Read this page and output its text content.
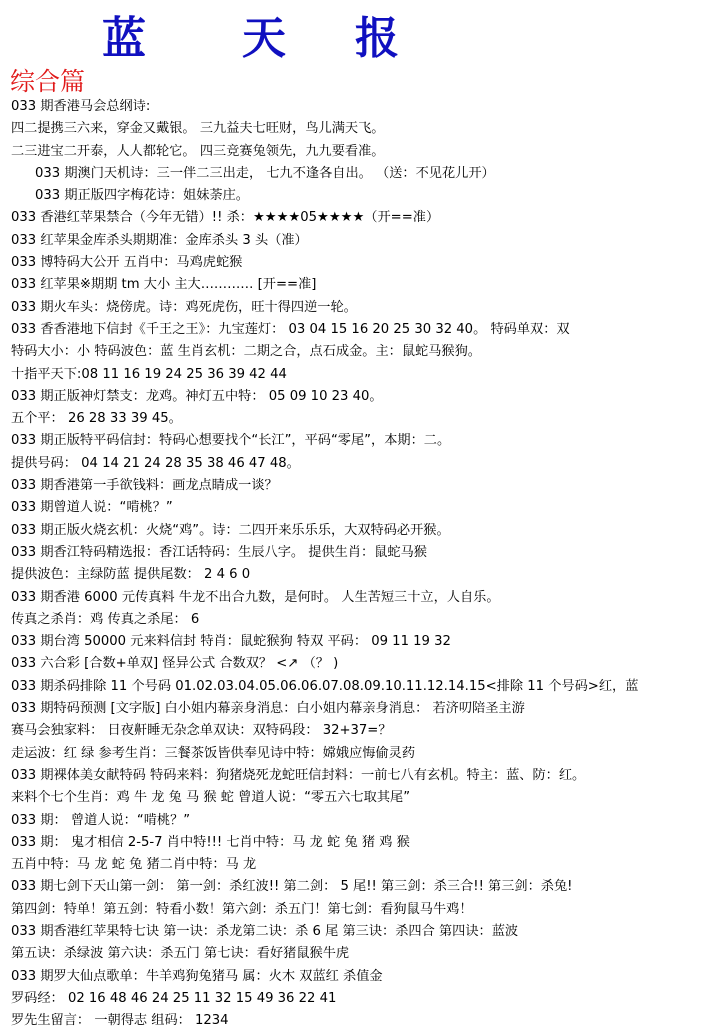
蓝 天 报
综合篇
033 期香港马会总纲诗:
四二提携三六来，穿金又戴银。 三九益夫七旺财，鸟儿满天飞。
二三进宝二开泰，人人都轮它。 四三竞赛兔领先，九九要看准。
033 期澳门天机诗：三一伴二三出走， 七九不逢各自出。 （送：不见花儿开）
033 期正版四字梅花诗：姐妹荼庄。
033 香港红苹果禁合（今年无错）!! 杀：★★★★05★★★★（开==准）
033 红苹果金库杀头期期准：金库杀头 3 头（准）
033 博特码大公开 五肖中：马鸡虎蛇猴
033 红苹果※期期 tm 大小 主大………… [开==准]
033 期火车头：烧傍虎。诗：鸡死虎伤，旺十得四逆一轮。
033 香香港地下信封《千王之王》：九宝莲灯： 03 04 15 16 20 25 30 32 40。 特码单双：双
特码大小：小 特码波色：蓝 生肖玄机：二期之合，点石成金。主：鼠蛇马猴狗。
十指平天下:08 11 16 19 24 25 36 39 42 44
033 期正版神灯禁支：龙鸡。神灯五中特： 05 09 10 23 40。
五个平： 26 28 33 39 45。
033 期正版特平码信封：特码心想要找个“长江”，平码“零尾”，本期：二。
提供号码： 04 14 21 24 28 35 38 46 47 48。
033 期香港第一手欲钱料：画龙点睛成一谈？
033 期曾道人说：“啃桃？”
033 期正版火烧玄机：火烧“鸡”。诗：二四开来乐乐乐，大双特码必开猴。
033 期香江特码精选报：香江话特码：生辰八字。 提供生肖：鼠蛇马猴
提供波色：主绿防蓝 提供尾数： 2 4 6 0
033 期香港 6000 元传真料 牛龙不出合九数，是何时。 人生苦短三十立，人自乐。
传真之杀肖：鸡 传真之杀尾： 6
033 期台湾 50000 元来料信封 特肖：鼠蛇猴狗 特双 平码： 09 11 19 32
033 六合彩 [合数+单双] 怪异公式 合数双？ <↗ （？ )
033 期杀码排除 11 个号码 01.02.03.04.05.06.06.07.08.09.10.11.12.14.15<排除 11 个号码>红，蓝
033 期特码预测 [文字版] 白小姐内幕亲身消息：白小姐内幕亲身消息： 若济叨陪圣主游
赛马会独家料： 日夜鼾睡无杂念单双诀：双特码段： 32+37=？
走运波：红 绿 参考生肖：三餐茶饭皆供奉见诗中特：嫦娥应悔偷灵药
033 期裸体美女献特码 特码来料：狗猪烧死龙蛇旺信封料：一前七八有玄机。特主：蓝、防：红。
来料个七个生肖：鸡 牛 龙 兔 马 猴 蛇 曾道人说：“零五六七取其尾”
033 期： 曾道人说：“啃桃？”
033 期： 鬼才相信 2-5-7 肖中特!!! 七肖中特：马 龙 蛇 兔 猪 鸡 猴
五肖中特：马 龙 蛇 兔 猪二肖中特：马 龙
033 期七剑下天山第一剑： 第一剑：杀红波!! 第二剑： 5 尾!! 第三剑：杀三合!! 第三剑：杀兔!
第四剑：特单！第五剑：特看小数！第六剑：杀五门！第七剑：看狗鼠马牛鸡！
033 期香港红苹果特七诀 第一诀：杀龙第二诀：杀 6 尾 第三诀：杀四合 第四诀：蓝波
第五诀：杀绿波 第六诀：杀五门 第七诀：看好猪鼠猴牛虎
033 期罗大仙点歌单：牛羊鸡狗兔猪马 属：火木 双蓝红 杀值金
罗码经： 02 16 48 46 24 25 11 32 15 49 36 22 41
罗先生留言： 一朝得志 组码： 1234
